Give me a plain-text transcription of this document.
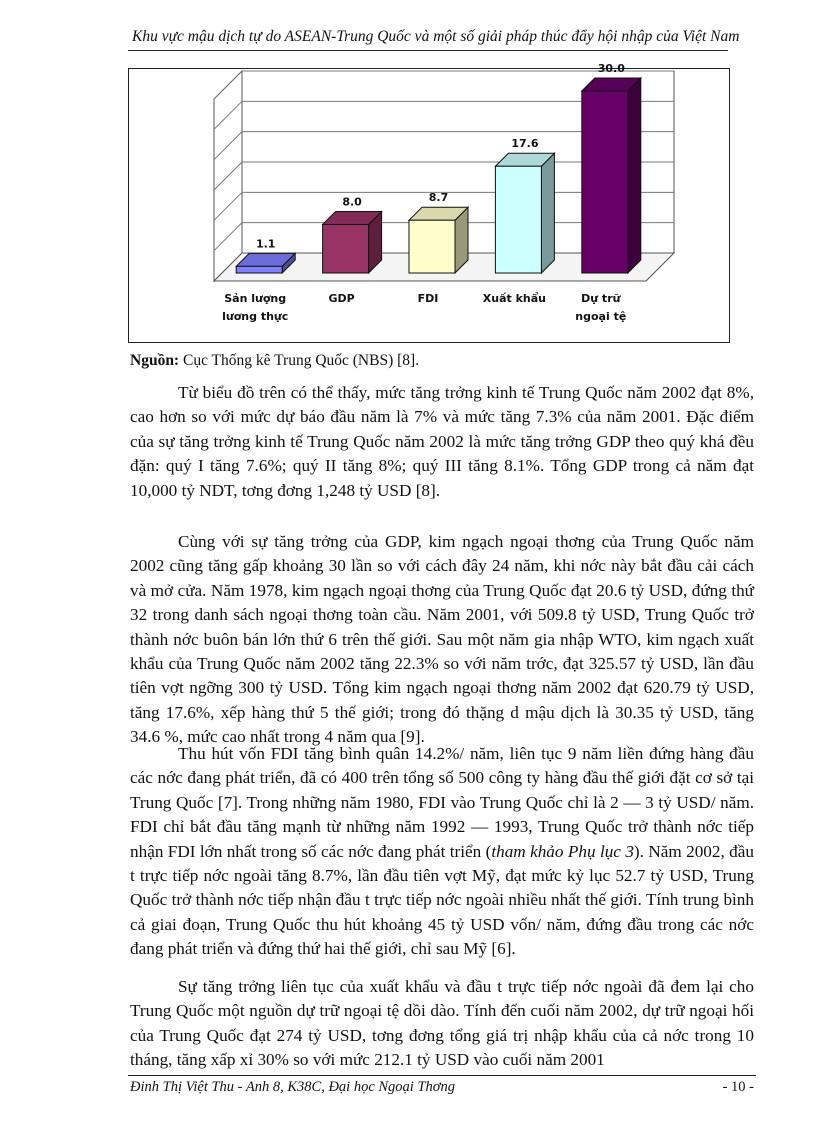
Khu vực mậu dịch tự do ASEAN-Trung Quốc và một số giải pháp thúc đẩy hội nhập của Việt Nam
1.1
Sản lượng
lương thực
8.0
GDP
8.7
FDI
17.6
Xuất khẩu
30.0
Dự trữ
ngoại tệ
Nguồn: Cục Thống kê Trung Quốc (NBS) [8].

Từ biểu đồ trên có thể thấy, mức tăng trởng kinh tế Trung Quốc năm 2002 đạt 8%, cao hơn so với mức dự báo đầu năm là 7% và mức tăng 7.3% của năm 2001. Đặc điểm của sự tăng trởng kinh tế Trung Quốc năm 2002 là mức tăng trởng GDP theo quý khá đều đặn: quý I tăng 7.6%; quý II tăng 8%; quý III tăng 8.1%. Tổng GDP trong cả năm đạt 10,000 tỷ NDT, tơng đơng 1,248 tỷ USD [8].

Cùng với sự tăng trởng của GDP, kim ngạch ngoại thơng của Trung Quốc năm 2002 cũng tăng gấp khoảng 30 lần so với cách đây 24 năm, khi nớc này bắt đầu cải cách và mở cửa. Năm 1978, kim ngạch ngoại thơng của Trung Quốc đạt 20.6 tỷ USD, đứng thứ 32 trong danh sách ngoại thơng toàn cầu. Năm 2001, với 509.8 tỷ USD, Trung Quốc trở thành nớc buôn bán lớn thứ 6 trên thế giới. Sau một năm gia nhập WTO, kim ngạch xuất khẩu của Trung Quốc năm 2002 tăng 22.3% so với năm trớc, đạt 325.57 tỷ USD, lần đầu tiên vợt ngỡng 300 tỷ USD. Tổng kim ngạch ngoại thơng năm 2002 đạt 620.79 tỷ USD, tăng 17.6%, xếp hàng thứ 5 thế giới; trong đó thặng d mậu dịch là 30.35 tỷ USD, tăng 34.6 %, mức cao nhất trong 4 năm qua [9].

Thu hút vốn FDI tăng bình quân 14.2%/ năm, liên tục 9 năm liền đứng hàng đầu các nớc đang phát triển, đã có 400 trên tổng số 500 công ty hàng đầu thế giới đặt cơ sở tại Trung Quốc [7]. Trong những năm 1980, FDI vào Trung Quốc chỉ là 2 — 3 tỷ USD/ năm. FDI chỉ bắt đầu tăng mạnh từ những năm 1992 — 1993, Trung Quốc trở thành nớc tiếp nhận FDI lớn nhất trong số các nớc đang phát triển (tham khảo Phụ lục 3). Năm 2002, đầu t trực tiếp nớc ngoài tăng 8.7%, lần đầu tiên vợt Mỹ, đạt mức kỷ lục 52.7 tỷ USD, Trung Quốc trở thành nớc tiếp nhận đầu t trực tiếp nớc ngoài nhiều nhất thế giới. Tính trung bình cả giai đoạn, Trung Quốc thu hút khoảng 45 tỷ USD vốn/ năm, đứng đầu trong các nớc đang phát triển và đứng thứ hai thế giới, chỉ sau Mỹ [6].

Sự tăng trởng liên tục của xuất khẩu và đầu t trực tiếp nớc ngoài đã đem lại cho Trung Quốc một nguồn dự trữ ngoại tệ dồi dào. Tính đến cuối năm 2002, dự trữ ngoại hối của Trung Quốc đạt 274 tỷ USD, tơng đơng tổng giá trị nhập khẩu của cả nớc trong 10 tháng, tăng xấp xỉ 30% so với mức 212.1 tỷ USD vào cuối năm 2001

Đinh Thị Việt Thu - Anh 8, K38C, Đại học Ngoại Thơng	- 10 -
